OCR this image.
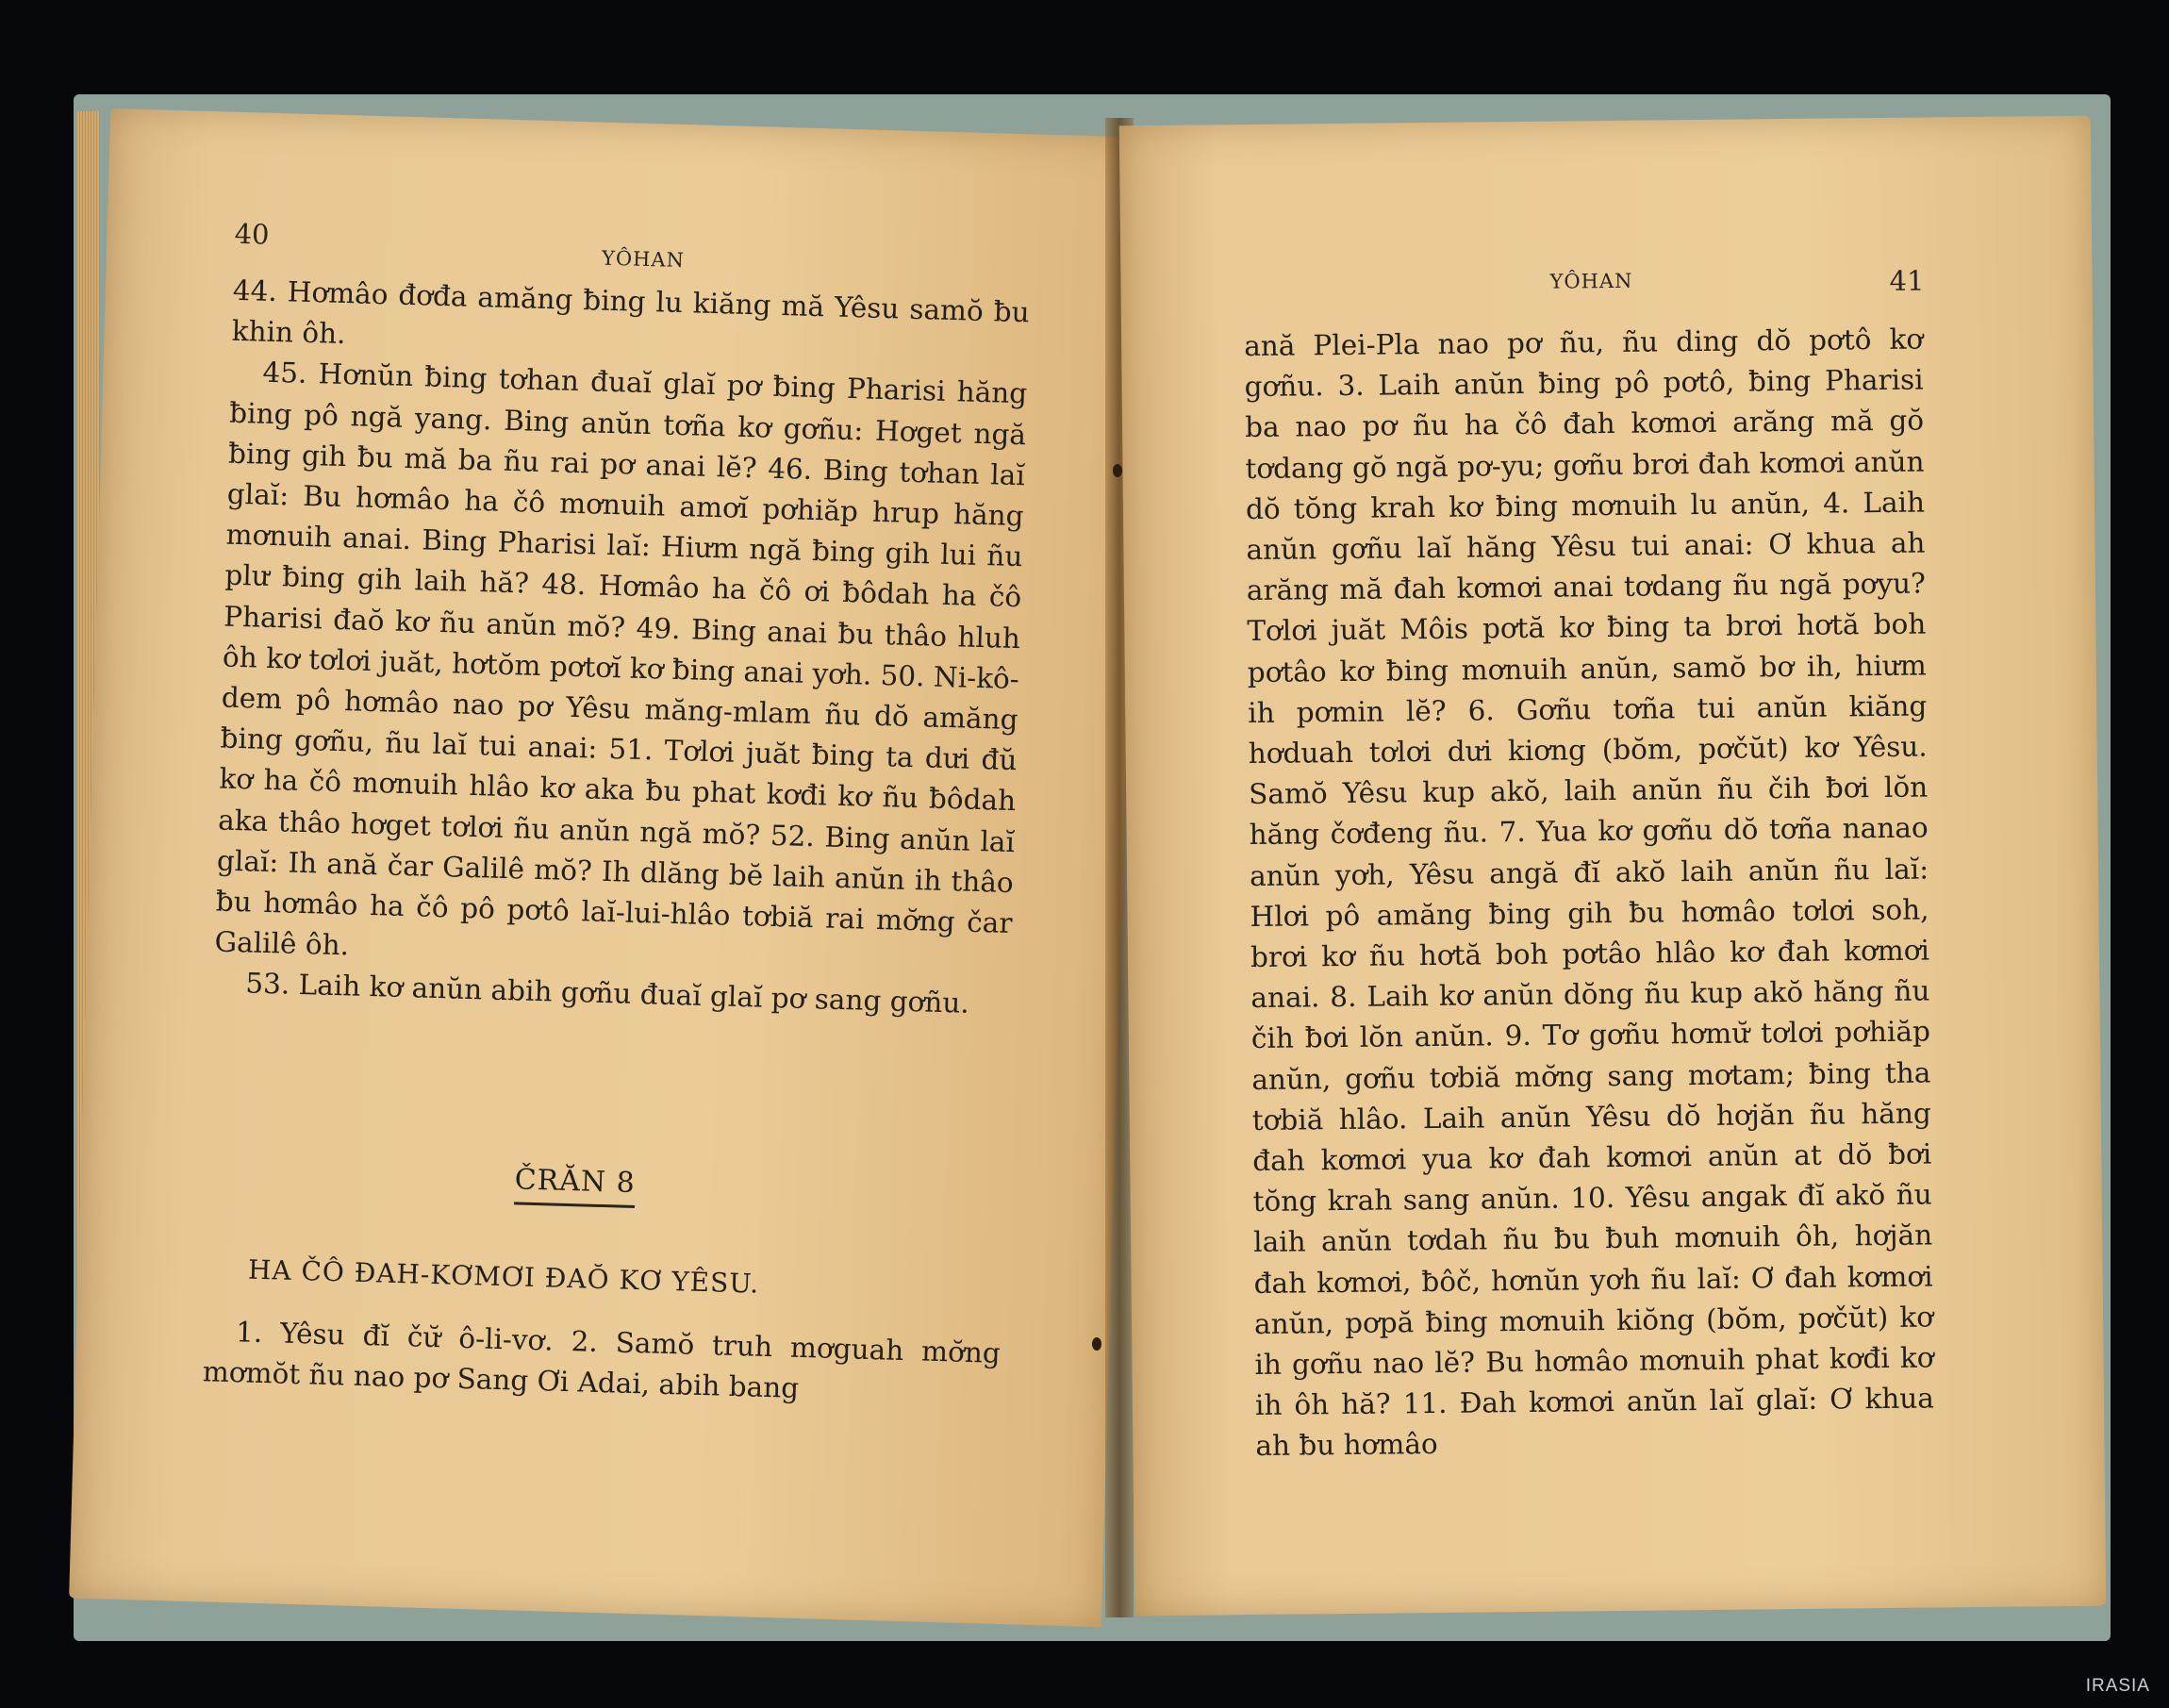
40
YÔHAN

44. Hơmâo đơđa amăng ƀing lu kiăng mă Yêsu samŏ ƀu khin ôh.

45. Hơnŭn ƀing tơhan đuaĭ glaĭ pơ ƀing Pharisi hăng ƀing pô ngă yang. Bing anŭn tơña kơ gơñu: Hơget ngă ƀing gih ƀu mă ba ñu rai pơ anai lĕ? 46. Bing tơhan laĭ glaĭ: Bu hơmâo ha čô mơnuih amơĭ pơhiăp hrup hăng mơnuih anai. Bing Pharisi laĭ: Hiưm ngă ƀing gih lui ñu plư ƀing gih laih hă? 48. Hơmâo ha čô ơi ƀôdah ha čô Pharisi đaŏ kơ ñu anŭn mŏ? 49. Bing anai ƀu thâo hluh ôh kơ tơlơi juăt, hơtŏm pơtơĭ kơ ƀing anai yơh. 50. Ni-kô-dem pô hơmâo nao pơ Yêsu măng-mlam ñu dŏ amăng ƀing gơñu, ñu laĭ tui anai: 51. Tơlơi juăt ƀing ta dưi đŭ kơ ha čô mơnuih hlâo kơ aka ƀu phat kơđi kơ ñu ƀôdah aka thâo hơget tơlơi ñu anŭn ngă mŏ? 52. Bing anŭn laĭ glaĭ: Ih ană čar Galilê mŏ? Ih dlăng bĕ laih anŭn ih thâo ƀu hơmâo ha čô pô pơtô laĭ-lui-hlâo tơbiă rai mơ̆ng čar Galilê ôh.

53. Laih kơ anŭn abih gơñu đuaĭ glaĭ pơ sang gơñu.

ČRĂN 8
HA ČÔ ĐAH-KƠMƠI ĐAŎ KƠ YÊSU.

1. Yêsu đĭ čư̆ ô-li-vơ. 2. Samŏ truh mơguah mơ̆ng mơmŏt ñu nao pơ Sang Ơi Adai, abih bang

YÔHAN	41

ană Plei-Pla nao pơ ñu, ñu ding dŏ pơtô kơ gơñu. 3. Laih anŭn ƀing pô pơtô, ƀing Pharisi ba nao pơ ñu ha čô đah kơmơi arăng mă gŏ tơdang gŏ ngă pơ-yu; gơñu brơi đah kơmơi anŭn dŏ tŏng krah kơ ƀing mơnuih lu anŭn, 4. Laih anŭn gơñu laĭ hăng Yêsu tui anai: Ơ khua ah arăng mă đah kơmơi anai tơdang ñu ngă pơyu? Tơlơi juăt Môis pơtă kơ ƀing ta brơi hơtă boh pơtâo kơ ƀing mơnuih anŭn, samŏ bơ ih, hiưm ih pơmin lĕ? 6. Gơñu tơña tui anŭn kiăng hơduah tơlơi dưi kiơng (bŏm, pơčŭt) kơ Yêsu. Samŏ Yêsu kup akŏ, laih anŭn ñu čih ƀơi lŏn hăng čơđeng ñu. 7. Yua kơ gơñu dŏ tơña nanao anŭn yơh, Yêsu angă đĭ akŏ laih anŭn ñu laĭ: Hlơi pô amăng ƀing gih ƀu hơmâo tơlơi soh, brơi kơ ñu hơtă boh pơtâo hlâo kơ đah kơmơi anai. 8. Laih kơ anŭn dŏng ñu kup akŏ hăng ñu čih ƀơi lŏn anŭn. 9. Tơ gơñu hơmư̆ tơlơi pơhiăp anŭn, gơñu tơbiă mơ̆ng sang mơtam; ƀing tha tơbiă hlâo. Laih anŭn Yêsu dŏ hơjăn ñu hăng đah kơmơi yua kơ đah kơmơi anŭn at dŏ ƀơi tŏng krah sang anŭn. 10. Yêsu angak đĭ akŏ ñu laih anŭn tơdah ñu ƀu ƀuh mơnuih ôh, hơjăn đah kơmơi, ƀôč, hơnŭn yơh ñu laĭ: Ơ đah kơmơi anŭn, pơpă ƀing mơnuih kiŏng (bŏm, pơčŭt) kơ ih gơñu nao lĕ? Bu hơmâo mơnuih phat kơđi kơ ih ôh hă? 11. Đah kơmơi anŭn laĭ glaĭ: Ơ khua ah ƀu hơmâo

IRASIA
